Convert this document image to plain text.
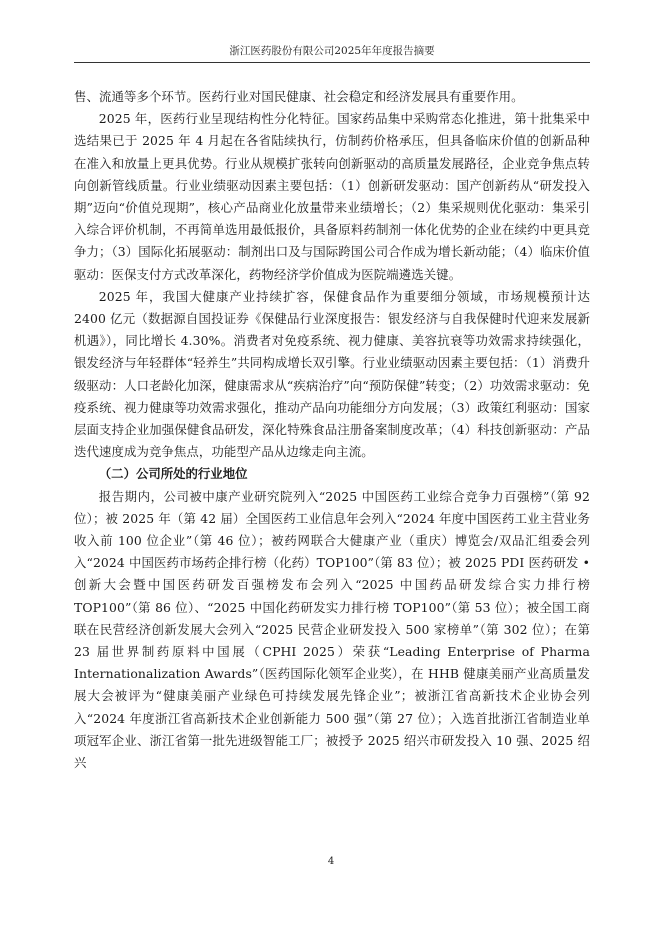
浙江医药股份有限公司2025年年度报告摘要

售、流通等多个环节。医药行业对国民健康、社会稳定和经济发展具有重要作用。

2025 年，医药行业呈现结构性分化特征。国家药品集中采购常态化推进，第十批集采中选结果已于 2025 年 4 月起在各省陆续执行，仿制药价格承压，但具备临床价值的创新品种在准入和放量上更具优势。行业从规模扩张转向创新驱动的高质量发展路径，企业竞争焦点转向创新管线质量。行业业绩驱动因素主要包括：（1）创新研发驱动：国产创新药从“研发投入期”迈向“价值兑现期”，核心产品商业化放量带来业绩增长；（2）集采规则优化驱动：集采引入综合评价机制，不再简单选用最低报价，具备原料药制剂一体化优势的企业在续约中更具竞争力；（3）国际化拓展驱动：制剂出口及与国际跨国公司合作成为增长新动能；（4）临床价值驱动：医保支付方式改革深化，药物经济学价值成为医院端遴选关键。

2025 年，我国大健康产业持续扩容，保健食品作为重要细分领域，市场规模预计达 2400 亿元（数据源自国投证券《保健品行业深度报告：银发经济与自我保健时代迎来发展新机遇》），同比增长 4.30%。消费者对免疫系统、视力健康、美容抗衰等功效需求持续强化，银发经济与年轻群体“轻养生”共同构成增长双引擎。行业业绩驱动因素主要包括：（1）消费升级驱动：人口老龄化加深，健康需求从“疾病治疗”向“预防保健”转变；（2）功效需求驱动：免疫系统、视力健康等功效需求强化，推动产品向功能细分方向发展；（3）政策红利驱动：国家层面支持企业加强保健食品研发，深化特殊食品注册备案制度改革；（4）科技创新驱动：产品迭代速度成为竞争焦点，功能型产品从边缘走向主流。

（二）公司所处的行业地位

报告期内，公司被中康产业研究院列入“2025 中国医药工业综合竞争力百强榜”（第 92 位）；被 2025 年（第 42 届）全国医药工业信息年会列入“2024 年度中国医药工业主营业务收入前 100 位企业”（第 46 位）；被药网联合大健康产业（重庆）博览会/双品汇组委会列入“2024 中国医药市场药企排行榜（化药）TOP100”（第 83 位）；被 2025 PDI 医药研发 • 创新大会暨中国医药研发百强榜发布会列入“2025 中国药品研发综合实力排行榜 TOP100”（第 86 位）、“2025 中国化药研发实力排行榜 TOP100”（第 53 位）；被全国工商联在民营经济创新发展大会列入“2025 民营企业研发投入 500 家榜单”（第 302 位）；在第 23 届世界制药原料中国展（CPHI 2025）荣获“Leading Enterprise of Pharma Internationalization Awards”（医药国际化领军企业奖），在 HHB 健康美丽产业高质量发展大会被评为“健康美丽产业绿色可持续发展先锋企业”；被浙江省高新技术企业协会列入“2024 年度浙江省高新技术企业创新能力 500 强”（第 27 位）；入选首批浙江省制造业单项冠军企业、浙江省第一批先进级智能工厂；被授予 2025 绍兴市研发投入 10 强、2025 绍兴

4
